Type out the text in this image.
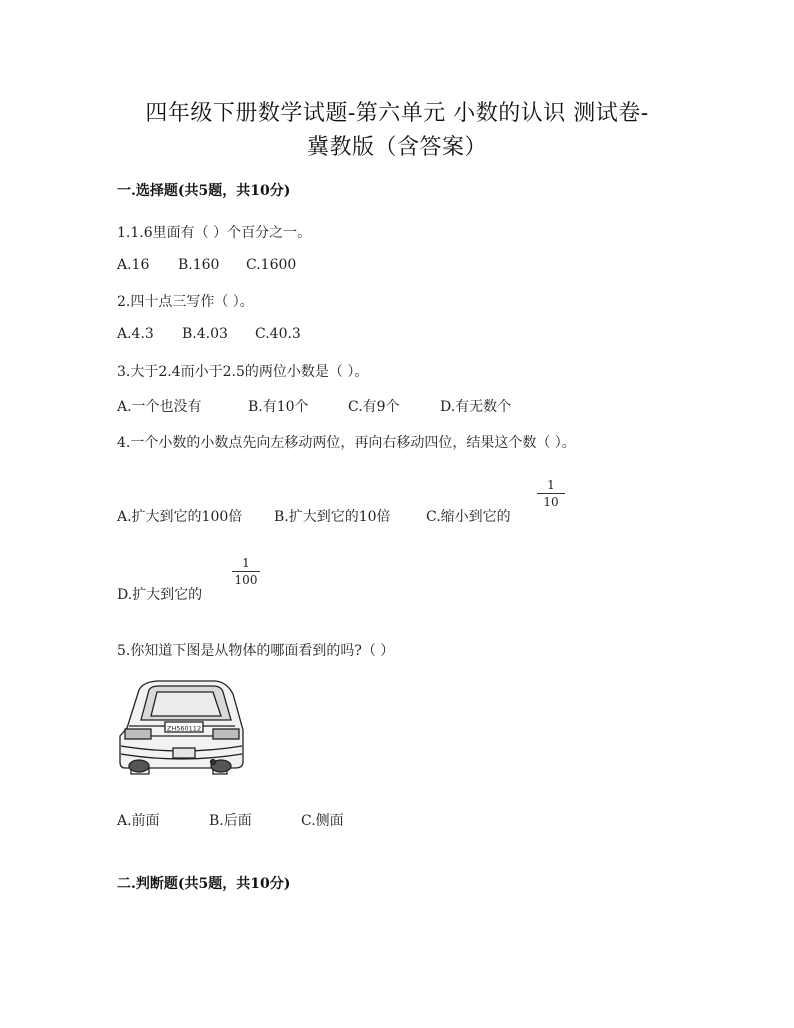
四年级下册数学试题-第六单元 小数的认识 测试卷-
冀教版（含答案）
一.选择题(共5题，共10分)
1.1.6里面有（ ）个百分之一。
A.16 B.160 C.1600
2.四十点三写作（ ）。
A.4.3 B.4.03 C.40.3
3.大于2.4而小于2.5的两位小数是（ ）。
A.一个也没有	B.有10个	C.有9个	D.有无数个
4.一个小数的小数点先向左移动两位，再向右移动四位，结果这个数（ ）。
A.扩大到它的100倍 B.扩大到它的10倍	C.缩小到它的
1
10
D.扩大到它的
1
100
5.你知道下图是从物体的哪面看到的吗?（ ）
ZH560112
A.前面	B.后面	C.侧面
二.判断题(共5题，共10分)
